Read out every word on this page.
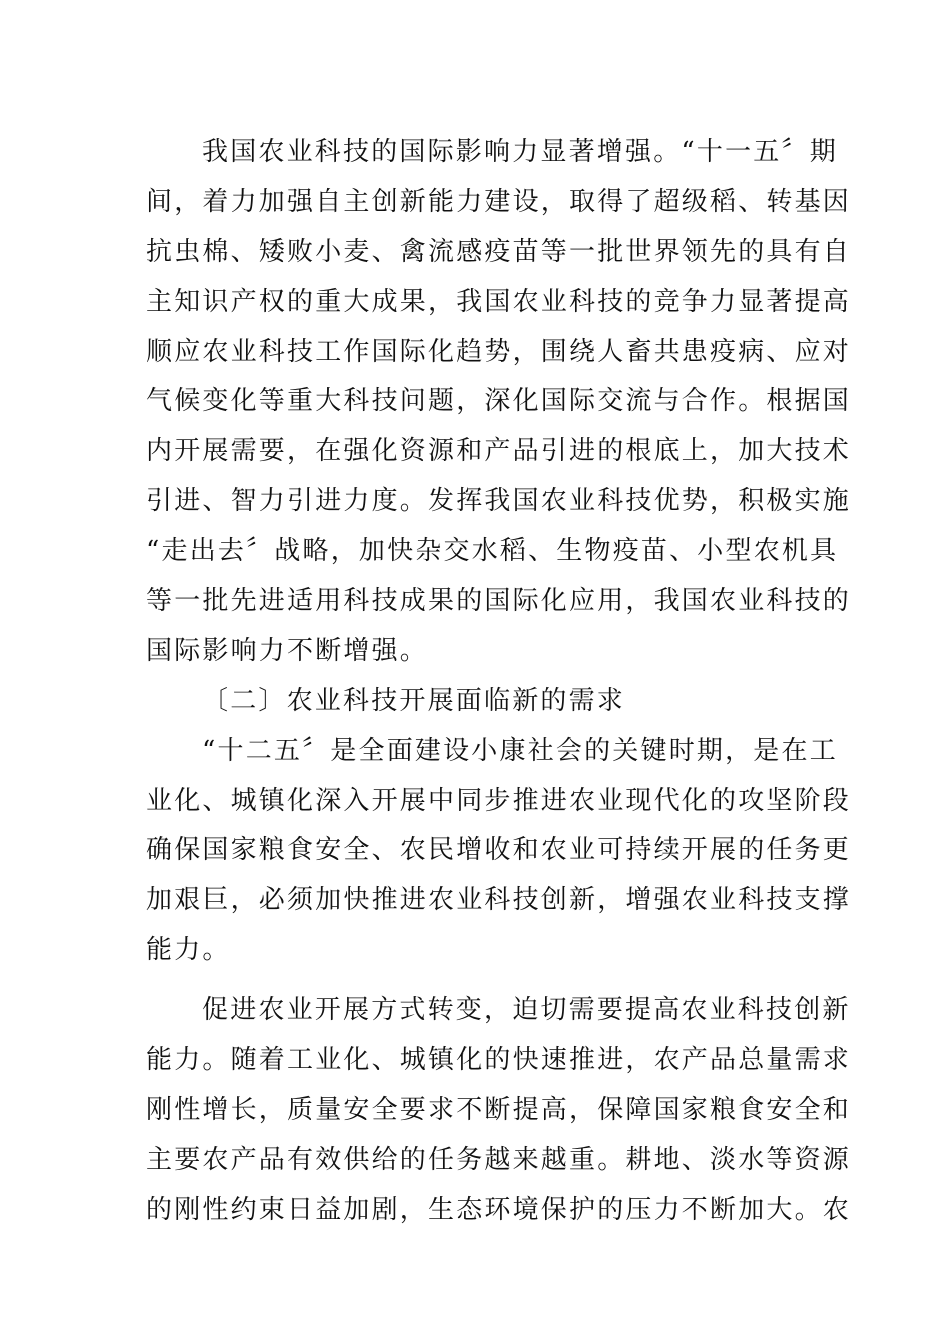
我国农业科技的国际影响力显著增强。“十一五〞期
间，着力加强自主创新能力建设，取得了超级稻、转基因
抗虫棉、矮败小麦、禽流感疫苗等一批世界领先的具有自
主知识产权的重大成果，我国农业科技的竞争力显著提高
顺应农业科技工作国际化趋势，围绕人畜共患疫病、应对
气候变化等重大科技问题，深化国际交流与合作。根据国
内开展需要，在强化资源和产品引进的根底上，加大技术
引进、智力引进力度。发挥我国农业科技优势，积极实施
“走出去〞战略，加快杂交水稻、生物疫苗、小型农机具
等一批先进适用科技成果的国际化应用，我国农业科技的
国际影响力不断增强。
〔二〕农业科技开展面临新的需求
“十二五〞是全面建设小康社会的关键时期，是在工
业化、城镇化深入开展中同步推进农业现代化的攻坚阶段
确保国家粮食安全、农民增收和农业可持续开展的任务更
加艰巨，必须加快推进农业科技创新，增强农业科技支撑
能力。
促进农业开展方式转变，迫切需要提高农业科技创新
能力。随着工业化、城镇化的快速推进，农产品总量需求
刚性增长，质量安全要求不断提高，保障国家粮食安全和
主要农产品有效供给的任务越来越重。耕地、淡水等资源
的刚性约束日益加剧，生态环境保护的压力不断加大。农
